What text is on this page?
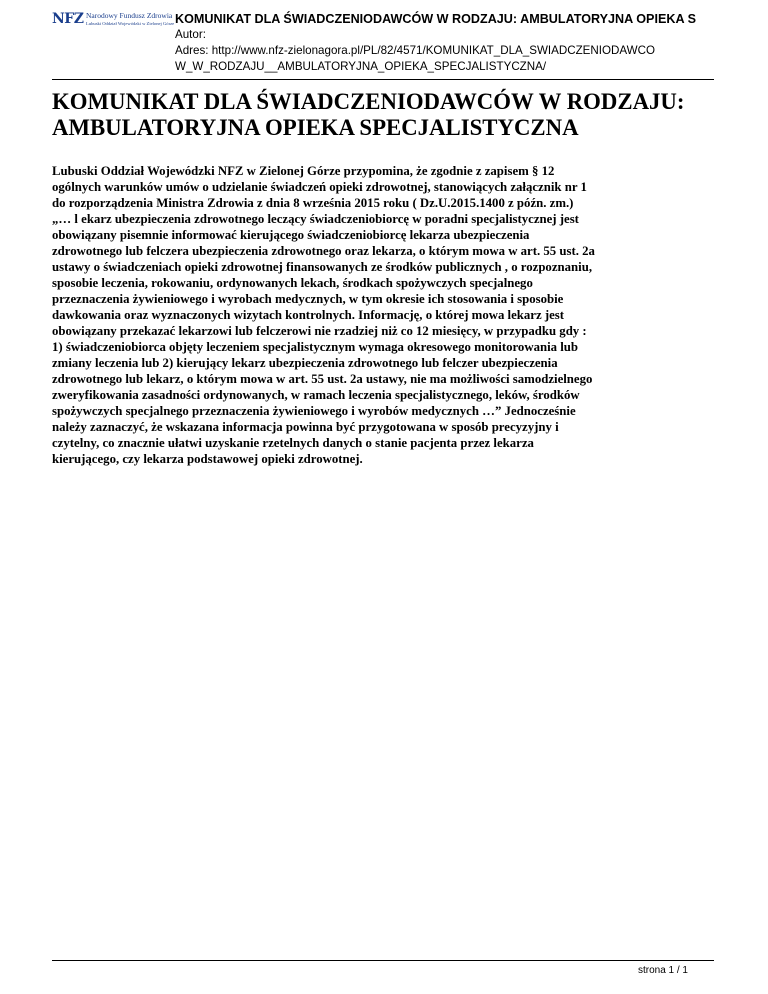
NFZ Narodowy Fundusz Zdrowia
Lubuski Oddział Wojewódzki w Zielonej Górze KOMUNIKAT DLA ŚWIADCZENIODAWCÓW W RODZAJU: AMBULATORYJNA OPIEKA S
Autor:
Adres: http://www.nfz-zielonagora.pl/PL/82/4571/KOMUNIKAT_DLA_SWIADCZENIODAWCO
W_W_RODZAJU__AMBULATORYJNA_OPIEKA_SPECJALISTYCZNA/
KOMUNIKAT DLA ŚWIADCZENIODAWCÓW W RODZAJU:
AMBULATORYJNA OPIEKA SPECJALISTYCZNA

Lubuski Oddział Wojewódzki NFZ w Zielonej Górze przypomina, że zgodnie z zapisem § 12
ogólnych warunków umów o udzielanie świadczeń opieki zdrowotnej, stanowiących załącznik nr 1
do rozporządzenia Ministra Zdrowia z dnia 8 września 2015 roku ( Dz.U.2015.1400 z późn. zm.)
„… l ekarz ubezpieczenia zdrowotnego leczący świadczeniobiorcę w poradni specjalistycznej jest
obowiązany pisemnie informować kierującego świadczeniobiorcę lekarza ubezpieczenia
zdrowotnego lub felczera ubezpieczenia zdrowotnego oraz lekarza, o którym mowa w art. 55 ust. 2a
ustawy o świadczeniach opieki zdrowotnej finansowanych ze środków publicznych , o rozpoznaniu,
sposobie leczenia, rokowaniu, ordynowanych lekach, środkach spożywczych specjalnego
przeznaczenia żywieniowego i wyrobach medycznych, w tym okresie ich stosowania i sposobie
dawkowania oraz wyznaczonych wizytach kontrolnych. Informację, o której mowa lekarz jest
obowiązany przekazać lekarzowi lub felczerowi nie rzadziej niż co 12 miesięcy, w przypadku gdy :
1) świadczeniobiorca objęty leczeniem specjalistycznym wymaga okresowego monitorowania lub
zmiany leczenia lub 2) kierujący lekarz ubezpieczenia zdrowotnego lub felczer ubezpieczenia
zdrowotnego lub lekarz, o którym mowa w art. 55 ust. 2a ustawy, nie ma możliwości samodzielnego
zweryfikowania zasadności ordynowanych, w ramach leczenia specjalistycznego, leków, środków
spożywczych specjalnego przeznaczenia żywieniowego i wyrobów medycznych …” Jednocześnie
należy zaznaczyć, że wskazana informacja powinna być przygotowana w sposób precyzyjny i
czytelny, co znacznie ułatwi uzyskanie rzetelnych danych o stanie pacjenta przez lekarza
kierującego, czy lekarza podstawowej opieki zdrowotnej.

strona 1 / 1
